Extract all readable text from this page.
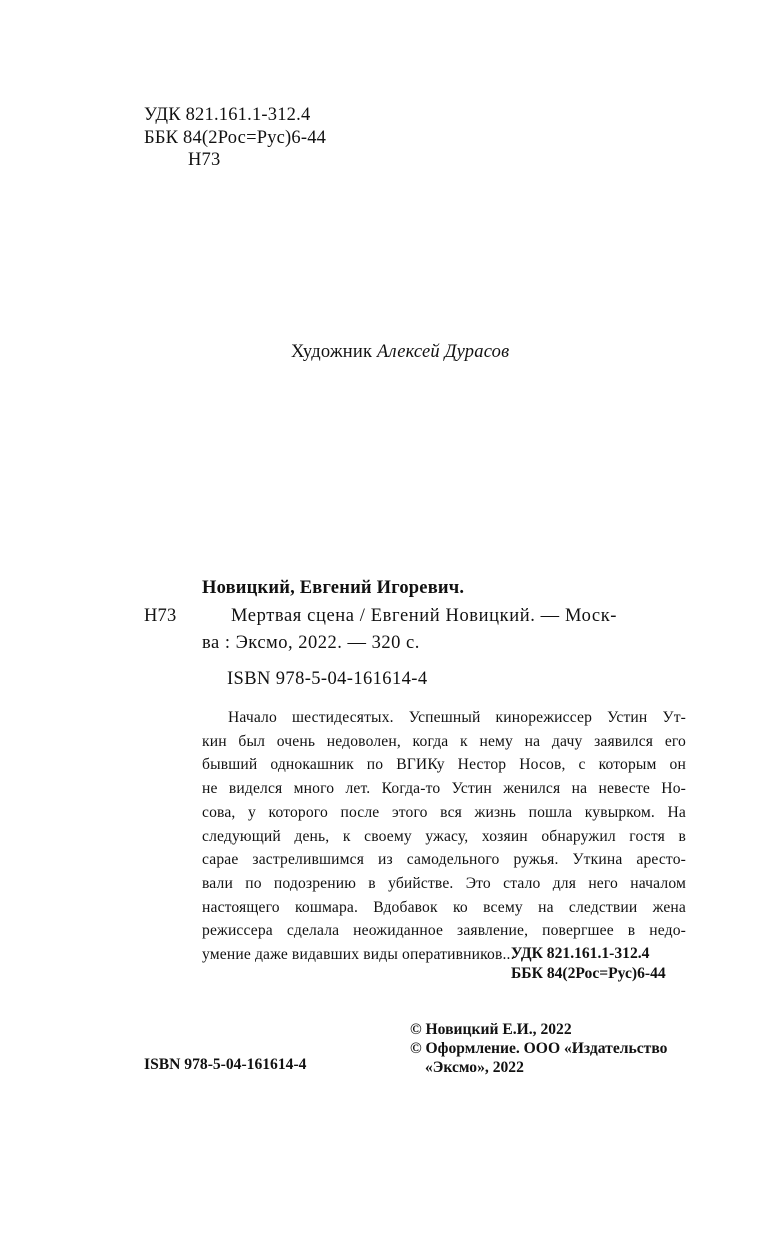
УДК 821.161.1-312.4
ББК 84(2Рос=Рус)6-44
Н73
Художник Алексей Дурасов
Новицкий, Евгений Игоревич.
Н73	Мертвая сцена / Евгений Новицкий. — Моск-
ва : Эксмо, 2022. — 320 с.
ISBN 978-5-04-161614-4
Начало шестидесятых. Успешный кинорежиссер Устин Ут-
кин был очень недоволен, когда к нему на дачу заявился его
бывший однокашник по ВГИКу Нестор Носов, с которым он
не виделся много лет. Когда-то Устин женился на невесте Но-
сова, у которого после этого вся жизнь пошла кувырком. На
следующий день, к своему ужасу, хозяин обнаружил гостя в
сарае застрелившимся из самодельного ружья. Уткина аресто-
вали по подозрению в убийстве. Это стало для него началом
настоящего кошмара. Вдобавок ко всему на следствии жена
режиссера сделала неожиданное заявление, повергшее в недо-
умение даже видавших виды оперативников...
УДК 821.161.1-312.4
ББК 84(2Рос=Рус)6-44
© Новицкий Е.И., 2022
© Оформление. ООО «Издательство
«Эксмо», 2022
ISBN 978-5-04-161614-4
